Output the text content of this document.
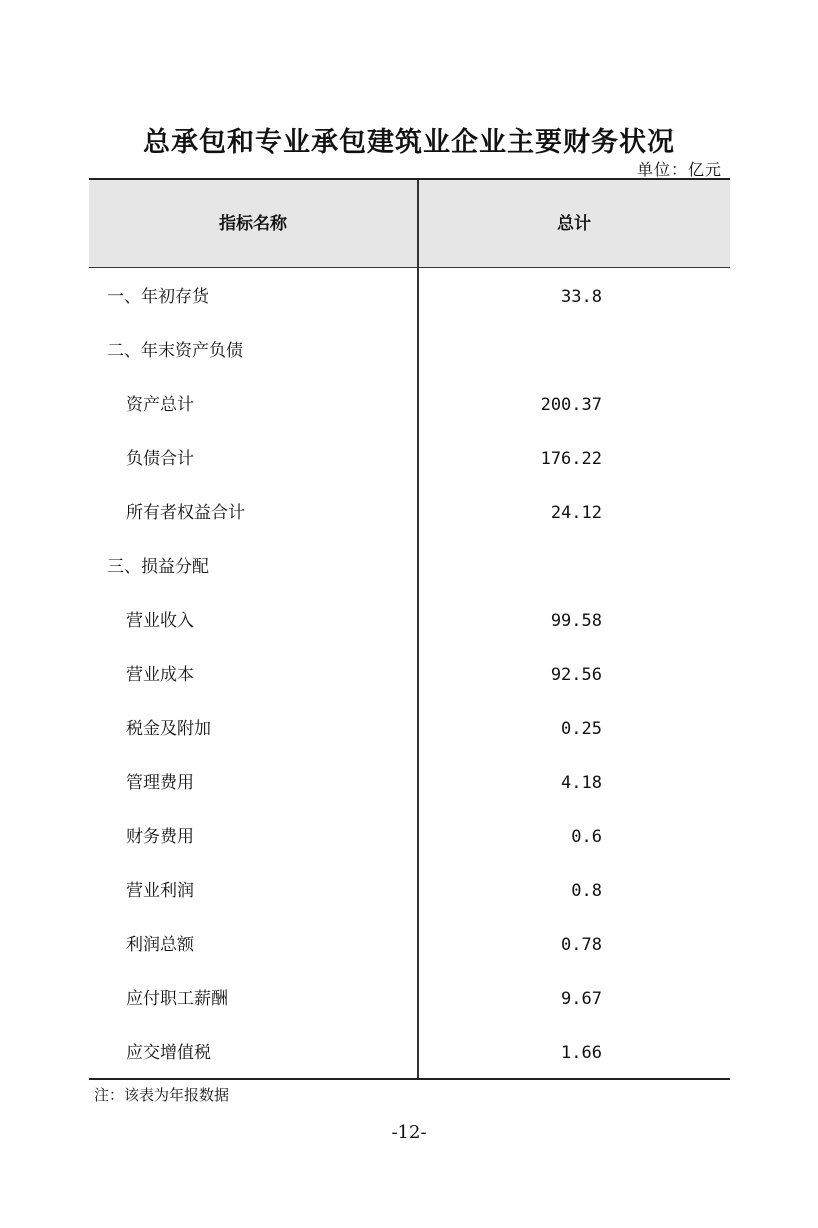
总承包和专业承包建筑业企业主要财务状况
单位：亿元
指标名称	总计
一、年初存货	33.8
二、年末资产负债
资产总计	200.37
负债合计	176.22
所有者权益合计	24.12
三、损益分配
营业收入	99.58
营业成本	92.56
税金及附加	0.25
管理费用	4.18
财务费用	0.6
营业利润	0.8
利润总额	0.78
应付职工薪酬	9.67
应交增值税	1.66
注：该表为年报数据
-12-
